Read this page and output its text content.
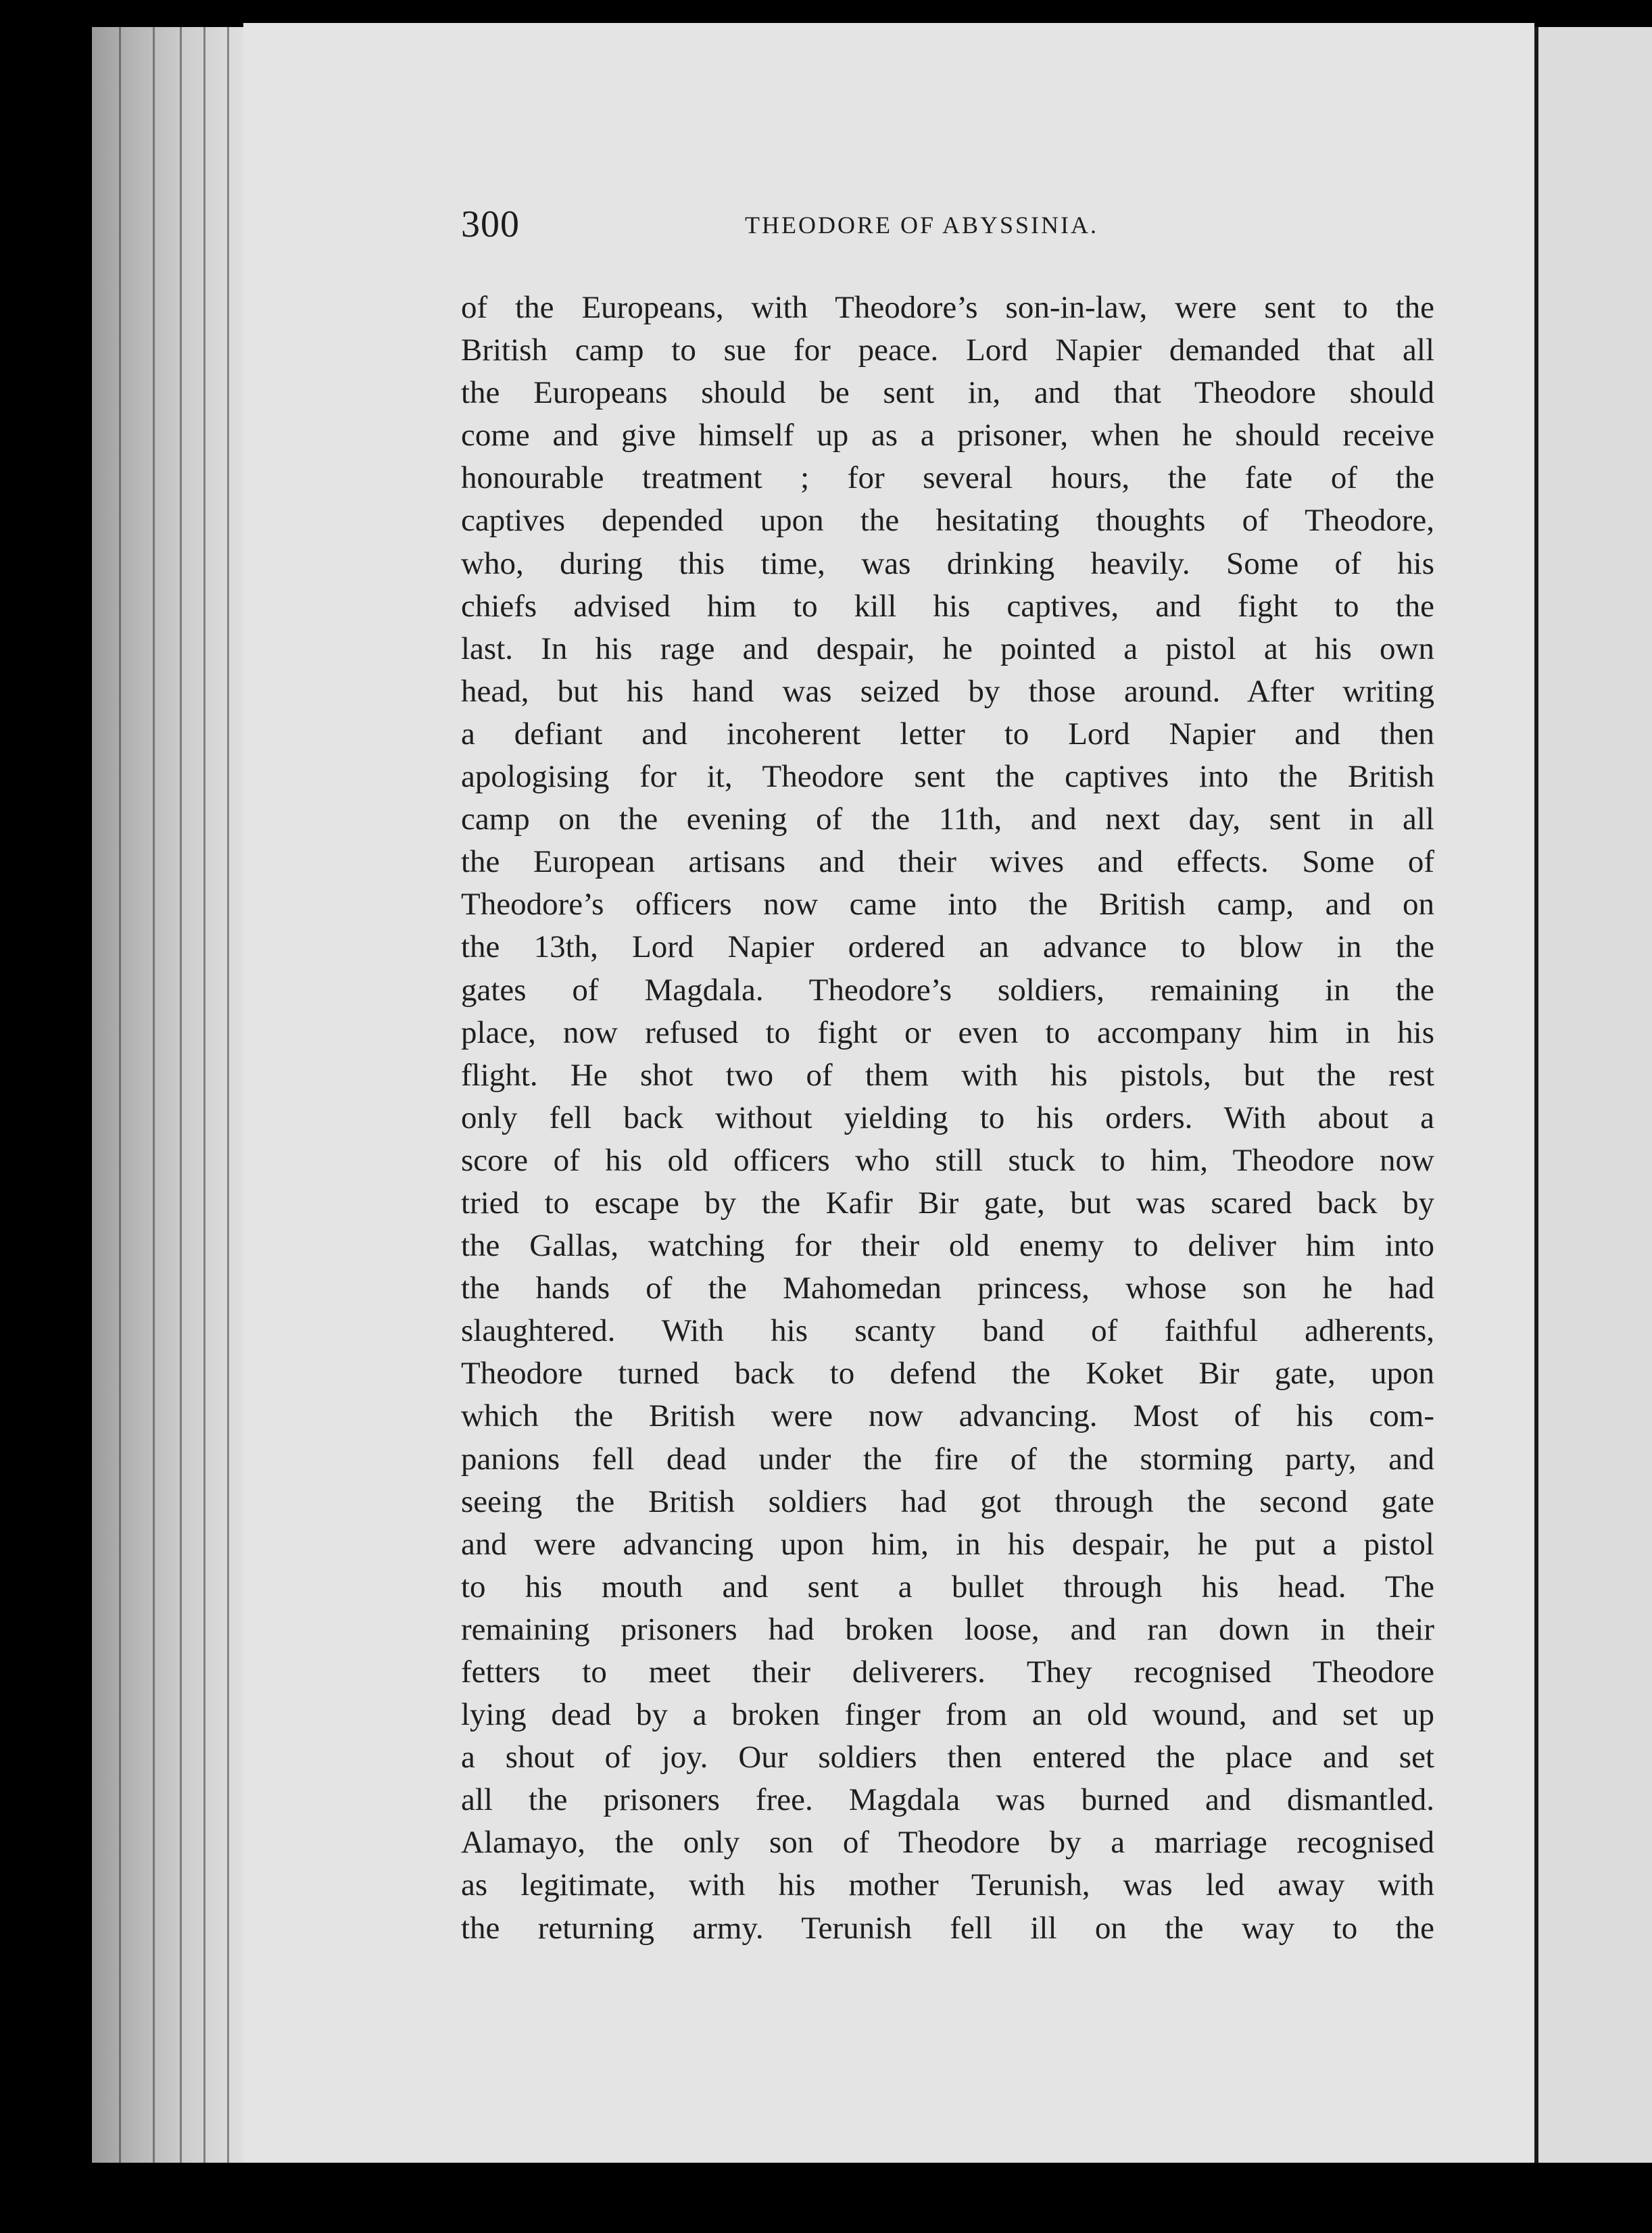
300	THEODORE OF ABYSSINIA.
of the Europeans, with Theodore’s son-in-law, were sent to the
British camp to sue for peace. Lord Napier demanded that all
the Europeans should be sent in, and that Theodore should
come and give himself up as a prisoner, when he should receive
honourable treatment ; for several hours, the fate of the
captives depended upon the hesitating thoughts of Theodore,
who, during this time, was drinking heavily. Some of his
chiefs advised him to kill his captives, and fight to the
last. In his rage and despair, he pointed a pistol at his own
head, but his hand was seized by those around. After writing
a defiant and incoherent letter to Lord Napier and then
apologising for it, Theodore sent the captives into the British
camp on the evening of the 11th, and next day, sent in all
the European artisans and their wives and effects. Some of
Theodore’s officers now came into the British camp, and on
the 13th, Lord Napier ordered an advance to blow in the
gates of Magdala. Theodore’s soldiers, remaining in the
place, now refused to fight or even to accompany him in his
flight. He shot two of them with his pistols, but the rest
only fell back without yielding to his orders. With about a
score of his old officers who still stuck to him, Theodore now
tried to escape by the Kafir Bir gate, but was scared back by
the Gallas, watching for their old enemy to deliver him into
the hands of the Mahomedan princess, whose son he had
slaughtered. With his scanty band of faithful adherents,
Theodore turned back to defend the Koket Bir gate, upon
which the British were now advancing. Most of his com-
panions fell dead under the fire of the storming party, and
seeing the British soldiers had got through the second gate
and were advancing upon him, in his despair, he put a pistol
to his mouth and sent a bullet through his head. The
remaining prisoners had broken loose, and ran down in their
fetters to meet their deliverers. They recognised Theodore
lying dead by a broken finger from an old wound, and set up
a shout of joy. Our soldiers then entered the place and set
all the prisoners free. Magdala was burned and dismantled.
Alamayo, the only son of Theodore by a marriage recognised
as legitimate, with his mother Terunish, was led away with
the returning army. Terunish fell ill on the way to the
